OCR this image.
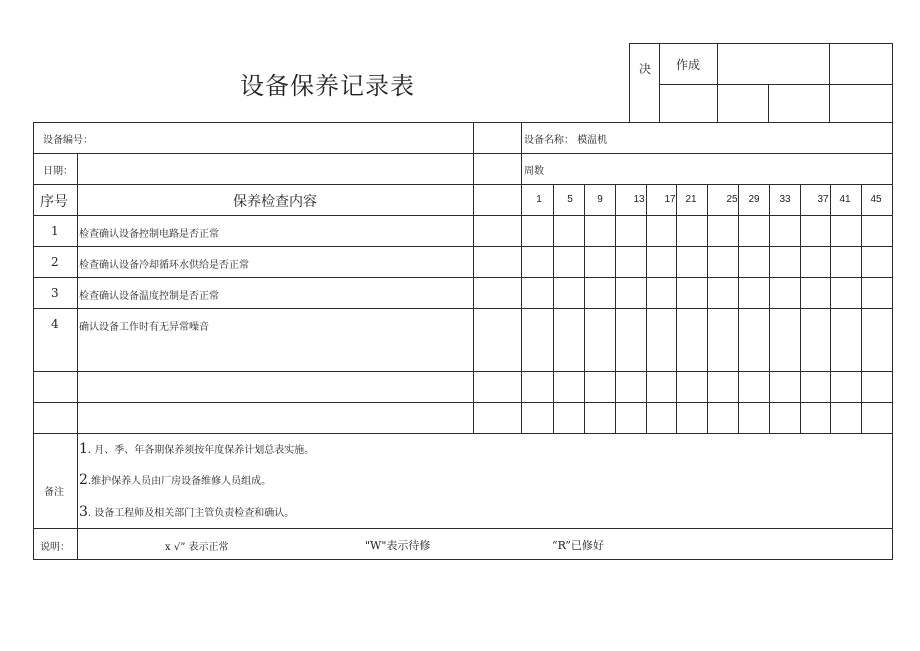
设备保养记录表
决 作成
设备编号：	设备名称： 模温机
日期：	周数
序号	保养检查内容	1	5	9	13	17 21	25	29	33	37	41	45
1 检查确认设备控制电路是否正常
2 检查确认设备冷却循环水供给是否正常
3 检查确认设备温度控制是否正常
4 确认设备工作时有无异常噪音
备注
1. 月、季、年各期保养须按年度保养计划总表实施。
2.维护保养人员由厂房设备维修人员组成。
3. 设备工程师及相关部门主管负责检查和确认。
说明：	x √” 表示正常	"W"表示待修	“R”已修好
